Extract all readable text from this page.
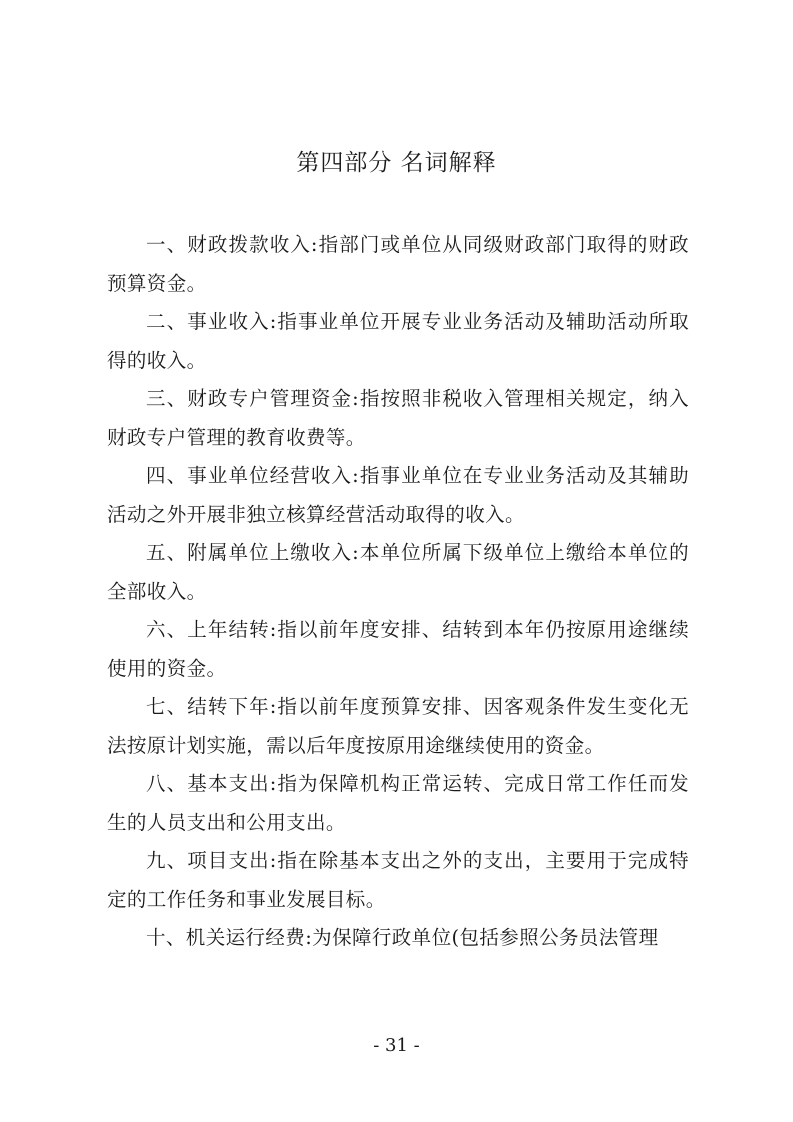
第四部分 名词解释

一、财政拨款收入:指部门或单位从同级财政部门取得的财政预算资金。

二、事业收入:指事业单位开展专业业务活动及辅助活动所取得的收入。

三、财政专户管理资金:指按照非税收入管理相关规定，纳入财政专户管理的教育收费等。

四、事业单位经营收入:指事业单位在专业业务活动及其辅助活动之外开展非独立核算经营活动取得的收入。

五、附属单位上缴收入:本单位所属下级单位上缴给本单位的全部收入。

六、上年结转:指以前年度安排、结转到本年仍按原用途继续使用的资金。

七、结转下年:指以前年度预算安排、因客观条件发生变化无法按原计划实施，需以后年度按原用途继续使用的资金。

八、基本支出:指为保障机构正常运转、完成日常工作任而发生的人员支出和公用支出。

九、项目支出:指在除基本支出之外的支出，主要用于完成特定的工作任务和事业发展目标。

十、机关运行经费:为保障行政单位(包括参照公务员法管理

- 31 -
